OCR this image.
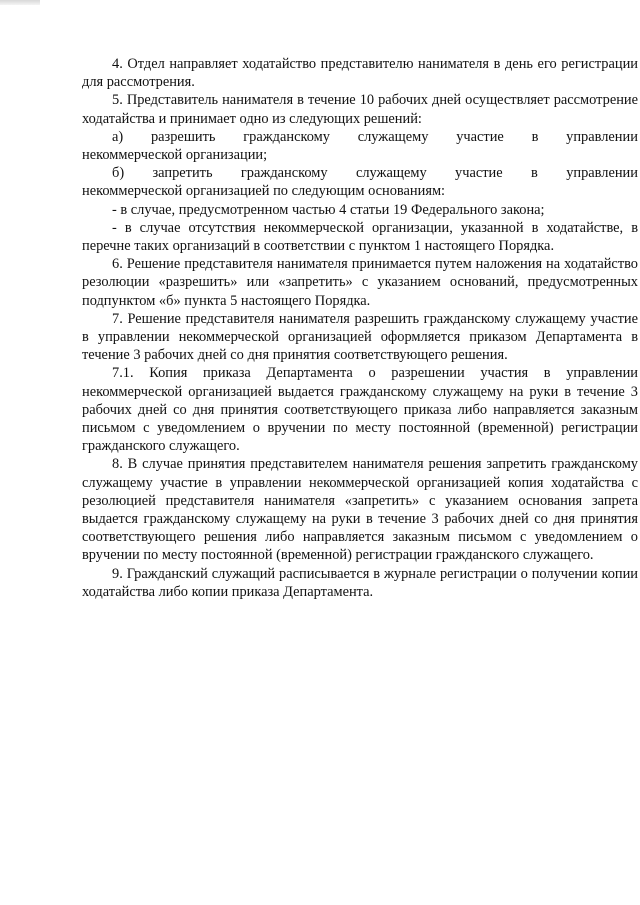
4. Отдел направляет ходатайство представителю нанимателя в день его регистрации для рассмотрения.

5. Представитель нанимателя в течение 10 рабочих дней осуществляет рассмотрение ходатайства и принимает одно из следующих решений:

а) разрешить гражданскому служащему участие в управлении

некоммерческой организации;

б) запретить гражданскому служащему участие в управлении

некоммерческой организацией по следующим основаниям:

- в случае, предусмотренном частью 4 статьи 19 Федерального закона;

- в случае отсутствия некоммерческой организации, указанной в ходатайстве, в перечне таких организаций в соответствии с пунктом 1 настоящего Порядка.

6. Решение представителя нанимателя принимается путем наложения на ходатайство резолюции «разрешить» или «запретить» с указанием оснований, предусмотренных подпунктом «б» пункта 5 настоящего Порядка.

7. Решение представителя нанимателя разрешить гражданскому служащему участие в управлении некоммерческой организацией оформляется приказом Департамента в течение 3 рабочих дней со дня принятия соответствующего решения.

7.1. Копия приказа Департамента о разрешении участия в управлении некоммерческой организацией выдается гражданскому служащему на руки в течение 3 рабочих дней со дня принятия соответствующего приказа либо направляется заказным письмом с уведомлением о вручении по месту постоянной (временной) регистрации гражданского служащего.

8. В случае принятия представителем нанимателя решения запретить гражданскому служащему участие в управлении некоммерческой организацией копия ходатайства с резолюцией представителя нанимателя «запретить» с указанием основания запрета выдается гражданскому служащему на руки в течение 3 рабочих дней со дня принятия соответствующего решения либо направляется заказным письмом с уведомлением о вручении по месту постоянной (временной) регистрации гражданского служащего.

9. Гражданский служащий расписывается в журнале регистрации о получении копии ходатайства либо копии приказа Департамента.
